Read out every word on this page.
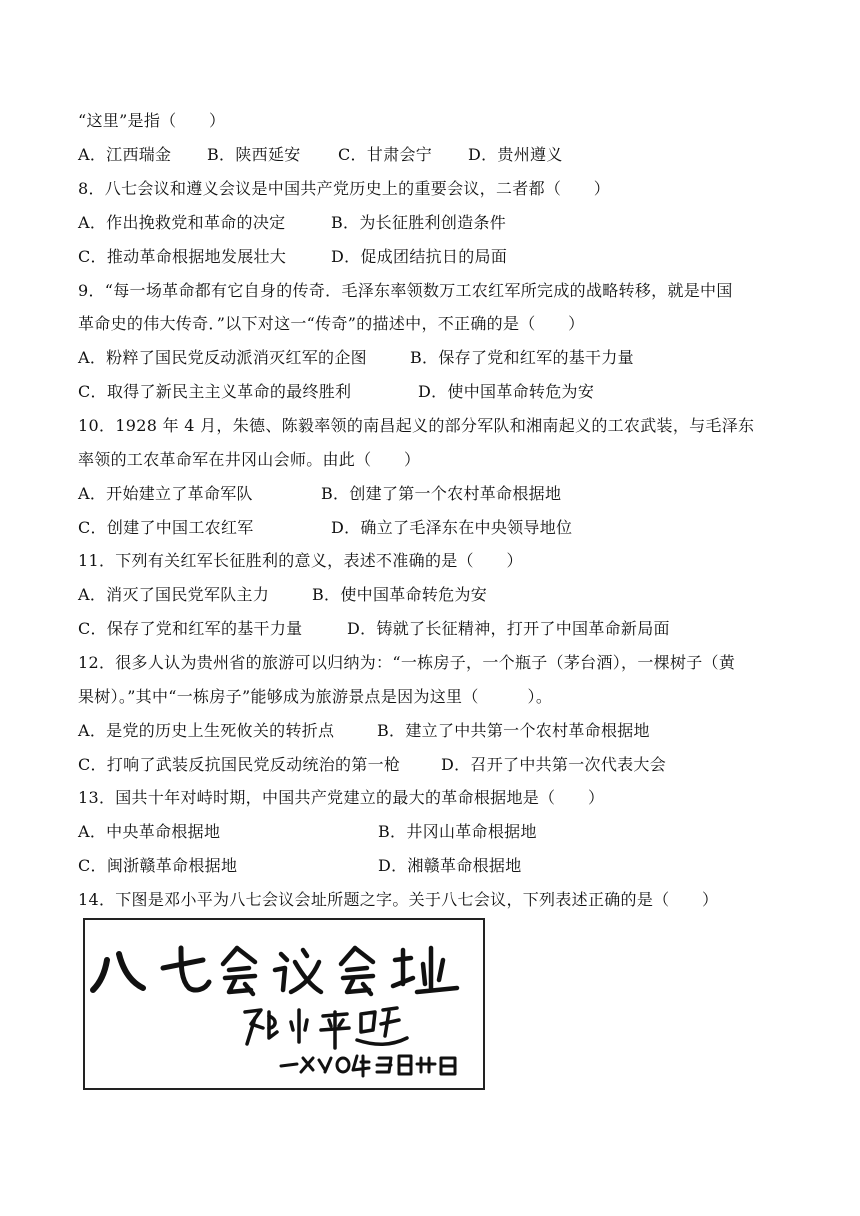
“这里”是指（　　）
A．江西瑞金 B．陕西延安 C．甘肃会宁 D．贵州遵义
8．八七会议和遵义会议是中国共产党历史上的重要会议，二者都（　　）
A．作出挽救党和革命的决定	B．为长征胜利创造条件
C．推动革命根据地发展壮大	D．促成团结抗日的局面
9．“每一场革命都有它自身的传奇．毛泽东率领数万工农红军所完成的战略转移，就是中国
革命史的伟大传奇．”以下对这一“传奇”的描述中，不正确的是（　　）
A．粉粹了国民党反动派消灭红军的企图	B．保存了党和红军的基干力量
C．取得了新民主主义革命的最终胜利	D．使中国革命转危为安
10．1928 年 4 月，朱德、陈毅率领的南昌起义的部分军队和湘南起义的工农武装，与毛泽东
率领的工农革命军在井冈山会师。由此（　　）
A．开始建立了革命军队	B．创建了第一个农村革命根据地
C．创建了中国工农红军	D．确立了毛泽东在中央领导地位
11．下列有关红军长征胜利的意义，表述不准确的是（　　）
A．消灭了国民党军队主力	B．使中国革命转危为安
C．保存了党和红军的基干力量	D．铸就了长征精神，打开了中国革命新局面
12．很多人认为贵州省的旅游可以归纳为：“一栋房子，一个瓶子（茅台酒），一棵树子（黄
果树）。”其中“一栋房子”能够成为旅游景点是因为这里（　　　）。
A．是党的历史上生死攸关的转折点	B．建立了中共第一个农村革命根据地
C．打响了武装反抗国民党反动统治的第一枪	D．召开了中共第一次代表大会
13．国共十年对峙时期，中国共产党建立的最大的革命根据地是（　　）
A．中央革命根据地	B．井冈山革命根据地
C．闽浙赣革命根据地	D．湘赣革命根据地
14．下图是邓小平为八七会议会址所题之字。关于八七会议，下列表述正确的是（　　）
